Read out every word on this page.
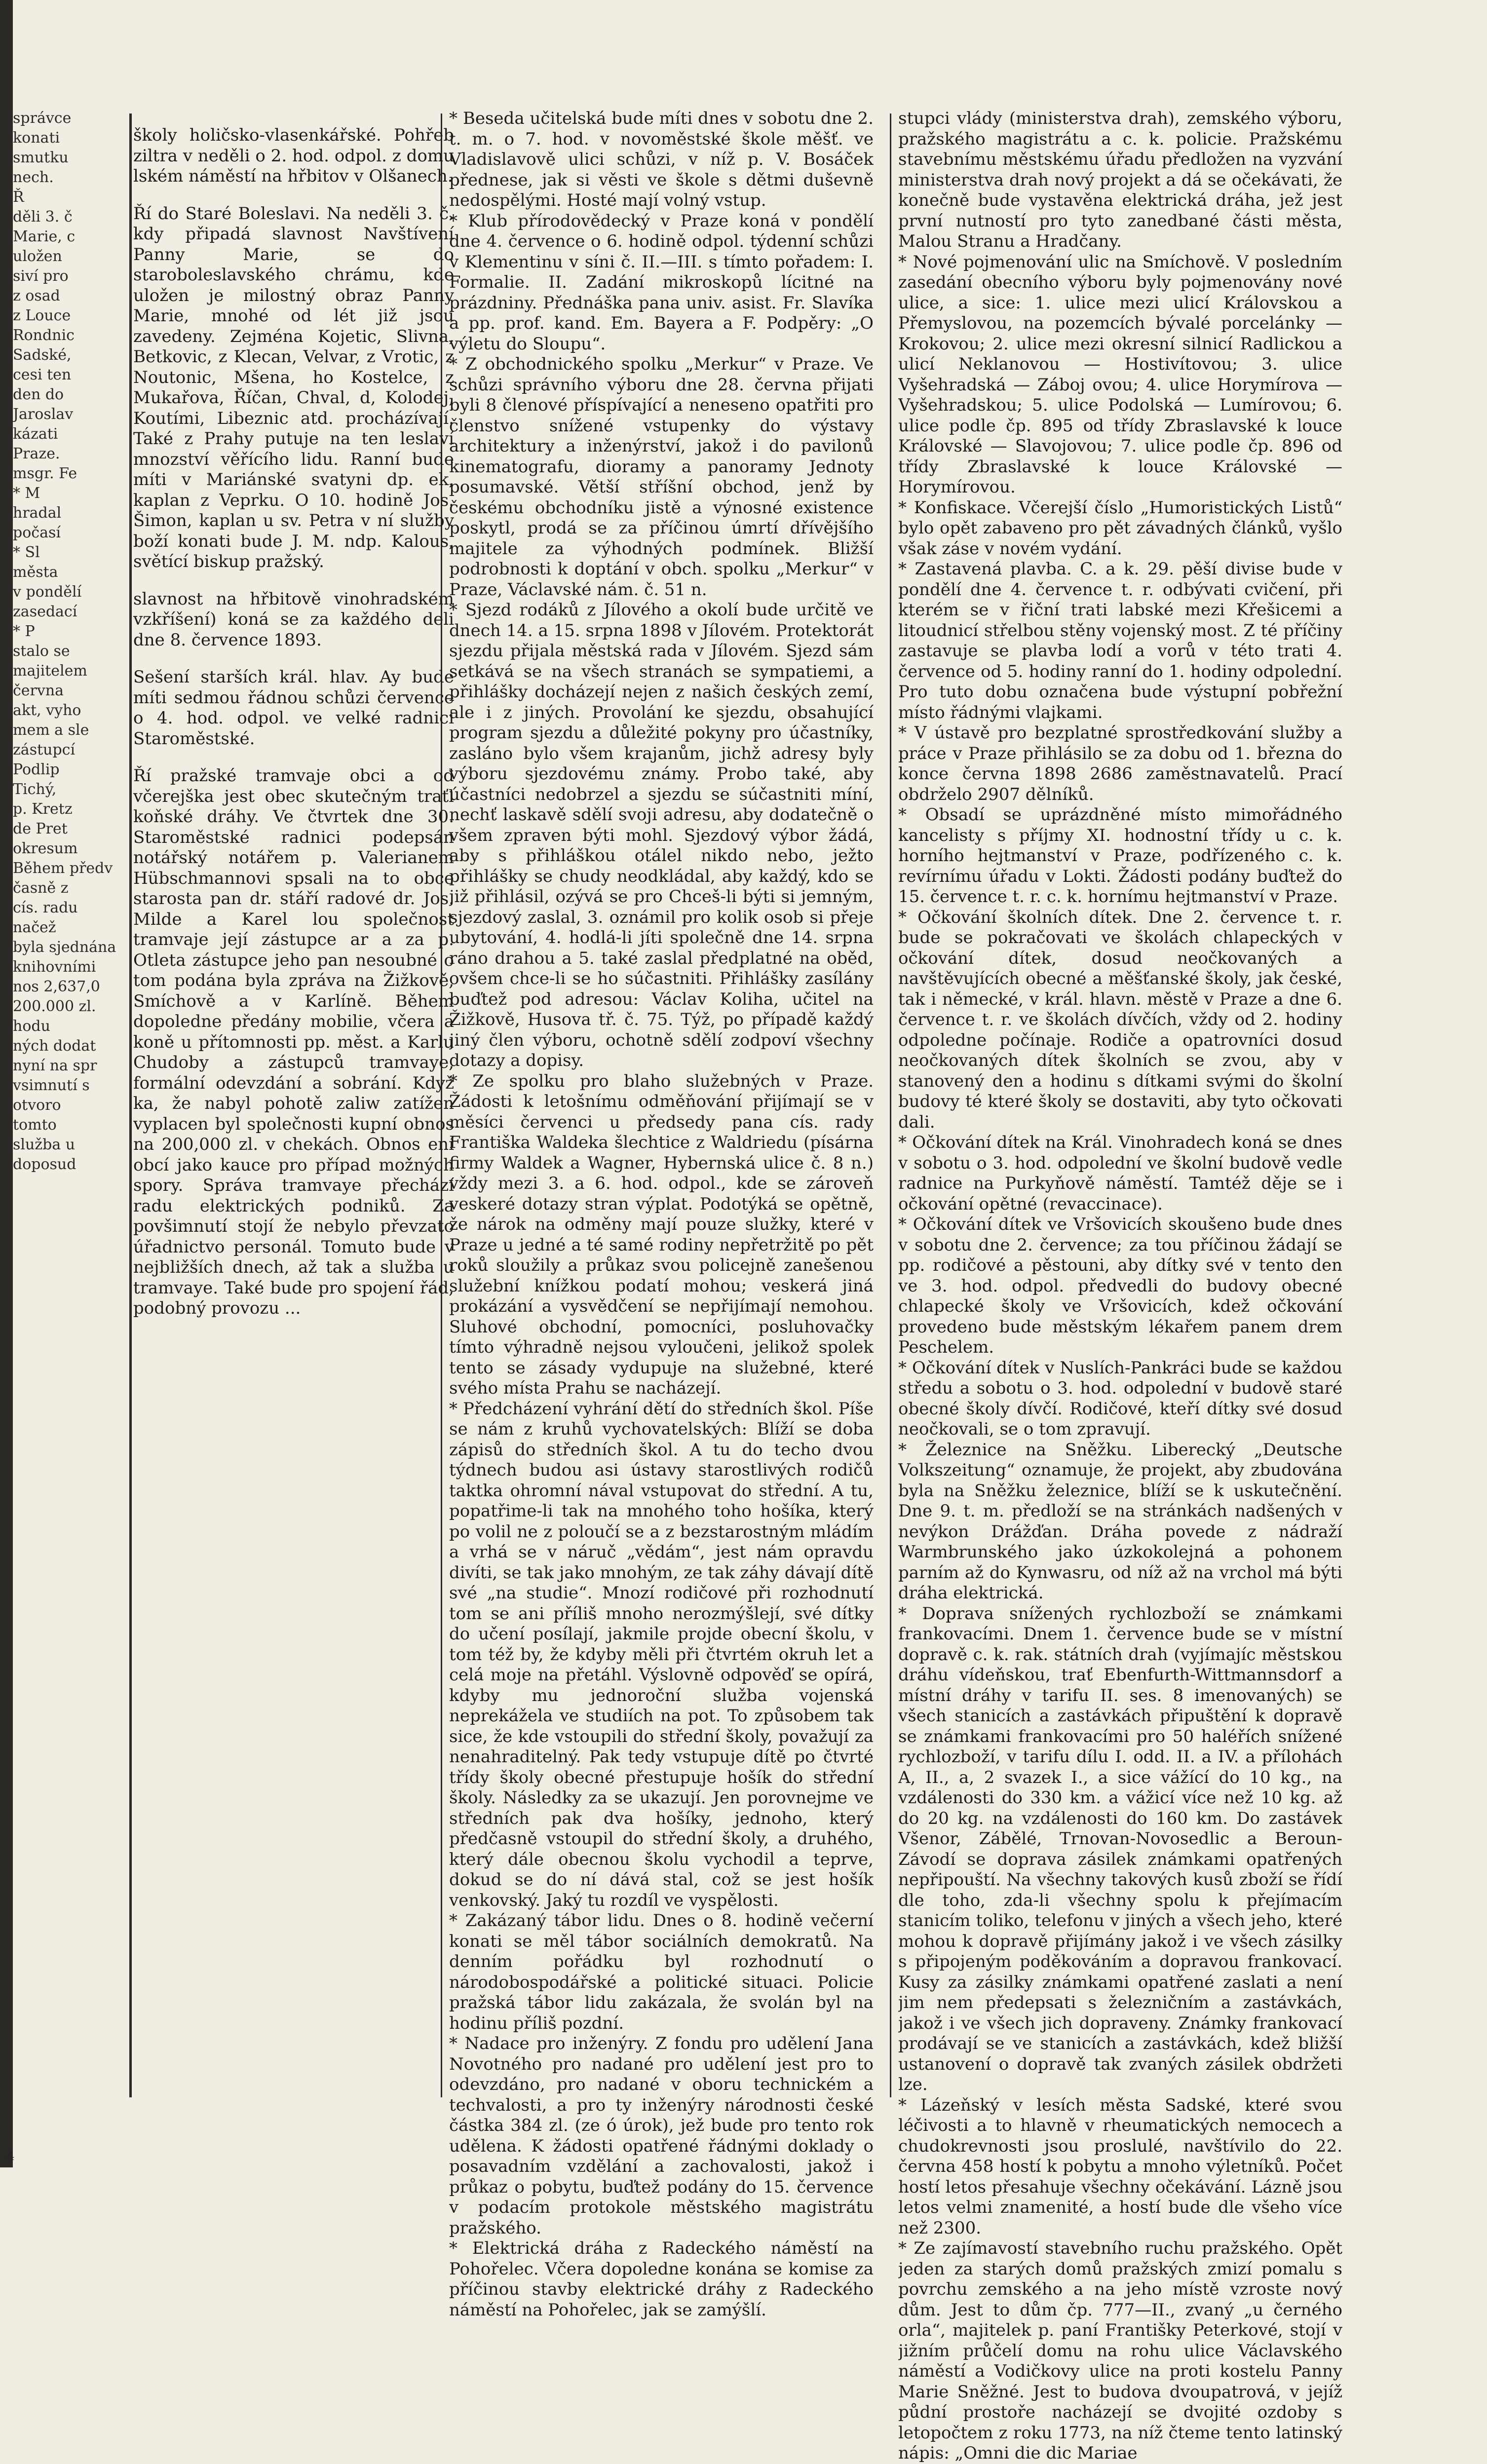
správce
konati
smutku
nech.
Ř
děli 3. č
Marie, c
uložen
siví pro
z osad
z Louce
Rondnic
Sadské,
cesi ten
den do
Jaroslav
kázati
Praze.
msgr. Fe
* M
hradal
počasí
* Sl
města
v pondělí
zasedací
* P
stalo se
majitelem
června
akt, vyho
mem a sle
zástupcí
Podlip
Tichý,
p. Kretz
de Pret
okresum
Během předv
časně z
cís. radu
načež
byla sjednána
knihovními
nos 2,637,0
200.000 zl.
hodu
ných dodat
nyní na spr
vsimnutí s
otvoro
tomto
služba u
doposud

školy holičsko-vlasenkářské. Pohřeb ziltra v neděli o 2. hod. odpol. z domu lském náměstí na hřbitov v Olšanech.

Ří do Staré Boleslavi. Na neděli 3. č. kdy připadá slavnost Navštívení Panny Marie, se do staroboleslavského chrámu, kde uložen je milostný obraz Panny Marie, mnohé od lét již jsou zavedeny. Zejména Kojetic, Slivna, Betkovic, z Klecan, Velvar, z Vrotic, z Noutonic, Mšena, ho Kostelce, z Mukařova, Říčan, Chval, d, Kolodej, Koutími, Libeznic atd. procházívají. Také z Prahy putuje na ten leslaví mnozství věřícího lidu. Ranní bude míti v Mariánské svatyni dp. ek, kaplan z Veprku. O 10. hodině Jos. Šimon, kaplan u sv. Petra v ní služby boží konati bude J. M. ndp. Kalous, světící biskup pražský.

slavnost na hřbitově vinohradském vzkříšení) koná se za každého deli dne 8. července 1893.

Sešení starších král. hlav. Ay bude míti sedmou řádnou schůzi července o 4. hod. odpol. ve velké radnici Staroměstské.

Ří pražské tramvaje obci a od včerejška jest obec skutečným traťl koňské dráhy. Ve čtvrtek dne 30. Staroměstské radnici podepsán notářský notářem p. Valerianem Hübschmannovi spsali na to obce starosta pan dr. stáří radové dr. Jos. Milde a Karel lou společnost tramvaje její zástupce ar a za p. Otleta zástupce jeho pan nesoubné o tom podána byla zpráva na Žižkově, Smíchově a v Karlíně. Během dopoledne předány mobilie, včera a koně u přítomnosti pp. měst. a Karlu Chudoby a zástupců tramvaye, formální odevzdání a sobrání. Když ka, že nabyl pohotě zaliw zatížen vyplacen byl společnosti kupní obnos na 200,000 zl. v chekách. Obnos ení obcí jako kauce pro případ možných spory. Správa tramvaye přechází radu elektrických podniků. Za povšimnutí stojí že nebylo převzato úřadnictvo personál. Tomuto bude v nejbližších dnech, až tak a služba u tramvaye. Také bude pro spojení řád, podobný provozu ...

* Beseda učitelská bude míti dnes v sobotu dne 2. t. m. o 7. hod. v novoměstské škole měšť. ve Vladislavově ulici schůzi, v níž p. V. Bosáček přednese, jak si věsti ve škole s dětmi duševně nedospělými. Hosté mají volný vstup.

* Klub přírodovědecký v Praze koná v pondělí dne 4. července o 6. hodině odpol. týdenní schůzi v Klementinu v síni č. II.—III. s tímto pořadem: I. Formalie. II. Zadání mikroskopů lícitné na prázdniny. Přednáška pana univ. asist. Fr. Slavíka a pp. prof. kand. Em. Bayera a F. Podpěry: „O výletu do Sloupu“.

* Z obchodnického spolku „Merkur“ v Praze. Ve schůzi správního výboru dne 28. června přijati byli 8 členové příspívající a neneseno opatřiti pro členstvo snížené vstupenky do výstavy architektury a inženýrství, jakož i do pavilonů kinematografu, dioramy a panoramy Jednoty posumavské. Větší stříšní obchod, jenž by českému obchodníku jistě a výnosné existence poskytl, prodá se za příčinou úmrtí dřívějšího majitele za výhodných podmínek. Bližší podrobnosti k doptání v obch. spolku „Merkur“ v Praze, Václavské nám. č. 51 n.

* Sjezd rodáků z Jílového a okolí bude určitě ve dnech 14. a 15. srpna 1898 v Jílovém. Protektorát sjezdu přijala městská rada v Jílovém. Sjezd sám setkává se na všech stranách se sympatiemi, a přihlášky docházejí nejen z našich českých zemí, ale i z jiných. Provolání ke sjezdu, obsahující program sjezdu a důležité pokyny pro účastníky, zasláno bylo všem krajanům, jichž adresy byly výboru sjezdovému známy. Probo také, aby účastníci nedobrzel a sjezdu se súčastniti míní, nechť laskavě sdělí svoji adresu, aby dodatečně o všem zpraven býti mohl. Sjezdový výbor žádá, aby s přihláškou otálel nikdo nebo, ježto přihlášky se chudy neodkládal, aby každý, kdo se již přihlásil, ozývá se pro Chceš-li býti si jemným, sjezdový zaslal, 3. oznámil pro kolik osob si přeje ubytování, 4. hodlá-li jíti společně dne 14. srpna ráno drahou a 5. také zaslal předplatné na oběd, ovšem chce-li se ho súčastniti. Přihlášky zasílány buďtež pod adresou: Václav Koliha, učitel na Žižkově, Husova tř. č. 75. Týž, po případě každý jiný člen výboru, ochotně sdělí zodpoví všechny dotazy a dopisy.

* Ze spolku pro blaho služebných v Praze. Žádosti k letošnímu odměňování přijímají se v měsíci červenci u předsedy pana cís. rady Františka Waldeka šlechtice z Waldriedu (písárna firmy Waldek a Wagner, Hybernská ulice č. 8 n.) vždy mezi 3. a 6. hod. odpol., kde se zároveň veskeré dotazy stran výplat. Podotýká se opětně, že nárok na odměny mají pouze služky, které v Praze u jedné a té samé rodiny nepřetržitě po pět roků sloužily a průkaz svou policejně zanešenou služební knížkou podatí mohou; veskerá jiná prokázání a vysvědčení se nepřijímají nemohou. Sluhové obchodní, pomocníci, posluhovačky tímto výhradně nejsou vyloučeni, jelikož spolek tento se zásady vydupuje na služebné, které svého místa Prahu se nacházejí.

* Předcházení vyhrání dětí do středních škol. Píše se nám z kruhů vychovatelských: Blíží se doba zápisů do středních škol. A tu do techo dvou týdnech budou asi ústavy starostlivých rodičů taktka ohromní nával vstupovat do střední. A tu, popatřime-li tak na mnohého toho hošíka, který po volil ne z poloučí se a z bezstarostným mládím a vrhá se v náruč „vědám“, jest nám opravdu divíti, se tak jako mnohým, ze tak záhy dávají dítě své „na studie“. Mnozí rodičové při rozhodnutí tom se ani příliš mnoho nerozmýšlejí, své dítky do učení posílají, jakmile projde obecní školu, v tom též by, že kdyby měli při čtvrtém okruh let a celá moje na přetáhl. Výslovně odpověď se opírá, kdyby mu jednoroční služba vojenská neprekážela ve studiích na pot. To způsobem tak sice, že kde vstoupili do střední školy, považují za nenahraditelný. Pak tedy vstupuje dítě po čtvrté třídy školy obecné přestupuje hošík do střední školy. Následky za se ukazují. Jen porovnejme ve středních pak dva hošíky, jednoho, který předčasně vstoupil do střední školy, a druhého, který dále obecnou školu vychodil a teprve, dokud se do ní dává stal, což se jest hošík venkovský. Jaký tu rozdíl ve vyspělosti.

* Zakázaný tábor lidu. Dnes o 8. hodině večerní konati se měl tábor sociálních demokratů. Na denním pořádku byl rozhodnutí o národobospodářské a politické situaci. Policie pražská tábor lidu zakázala, že svolán byl na hodinu příliš pozdní.

* Nadace pro inženýry. Z fondu pro udělení Jana Novotného pro nadané pro udělení jest pro to odevzdáno, pro nadané v oboru technickém a techvalosti, a pro ty inženýry národnosti české částka 384 zl. (ze ó úrok), jež bude pro tento rok udělena. K žádosti opatřené řádnými doklady o posavadním vzdělání a zachovalosti, jakož i průkaz o pobytu, buďtež podány do 15. července v podacím protokole městského magistrátu pražského.

* Elektrická dráha z Radeckého náměstí na Pohořelec. Včera dopoledne konána se komise za příčinou stavby elektrické dráhy z Radeckého náměstí na Pohořelec, jak se zamýšlí.

stupci vlády (ministerstva drah), zemského výboru, pražského magistrátu a c. k. policie. Pražskému stavebnímu městskému úřadu předložen na vyzvání ministerstva drah nový projekt a dá se očekávati, že konečně bude vystavěna elektrická dráha, jež jest první nutností pro tyto zanedbané části města, Malou Stranu a Hradčany.

* Nové pojmenování ulic na Smíchově. V posledním zasedání obecního výboru byly pojmenovány nové ulice, a sice: 1. ulice mezi ulicí Královskou a Přemyslovou, na pozemcích bývalé porcelánky — Krokovou; 2. ulice mezi okresní silnicí Radlickou a ulicí Neklanovou — Hostivítovou; 3. ulice Vyšehradská — Záboj ovou; 4. ulice Horymírova — Vyšehradskou; 5. ulice Podolská — Lumírovou; 6. ulice podle čp. 895 od třídy Zbraslavské k louce Královské — Slavojovou; 7. ulice podle čp. 896 od třídy Zbraslavské k louce Královské — Horymírovou.

* Konfiskace. Včerejší číslo „Humoristických Listů“ bylo opět zabaveno pro pět závadných článků, vyšlo však záse v novém vydání.

* Zastavená plavba. C. a k. 29. pěší divise bude v pondělí dne 4. července t. r. odbývati cvičení, při kterém se v řiční trati labské mezi Křešicemi a litoudnicí střelbou stěny vojenský most. Z té příčiny zastavuje se plavba lodí a vorů v této trati 4. července od 5. hodiny ranní do 1. hodiny odpolední. Pro tuto dobu označena bude výstupní pobřežní místo řádnými vlajkami.

* V ústavě pro bezplatné sprostředkování služby a práce v Praze přihlásilo se za dobu od 1. března do konce června 1898 2686 zaměstnavatelů. Prací obdrželo 2907 dělníků.

* Obsadí se uprázdněné místo mimořádného kancelisty s příjmy XI. hodnostní třídy u c. k. horního hejtmanství v Praze, podřízeného c. k. revírnímu úřadu v Lokti. Žádosti podány buďtež do 15. července t. r. c. k. hornímu hejtmanství v Praze.

* Očkování školních dítek. Dne 2. července t. r. bude se pokračovati ve školách chlapeckých v očkování dítek, dosud neočkovaných a navštěvujících obecné a měšťanské školy, jak české, tak i německé, v král. hlavn. městě v Praze a dne 6. července t. r. ve školách dívčích, vždy od 2. hodiny odpoledne počínaje. Rodiče a opatrovníci dosud neočkovaných dítek školních se zvou, aby v stanovený den a hodinu s dítkami svými do školní budovy té které školy se dostaviti, aby tyto očkovati dali.

* Očkování dítek na Král. Vinohradech koná se dnes v sobotu o 3. hod. odpolední ve školní budově vedle radnice na Purkyňově náměstí. Tamtéž děje se i očkování opětné (revaccinace).

* Očkování dítek ve Vršovicích skoušeno bude dnes v sobotu dne 2. července; za tou příčinou žádají se pp. rodičové a pěstouni, aby dítky své v tento den ve 3. hod. odpol. předvedli do budovy obecné chlapecké školy ve Vršovicích, kdež očkování provedeno bude městským lékařem panem drem Peschelem.

* Očkování dítek v Nuslích-Pankráci bude se každou středu a sobotu o 3. hod. odpolední v budově staré obecné školy dívčí. Rodičové, kteří dítky své dosud neočkovali, se o tom zpravují.

* Železnice na Sněžku. Liberecký „Deutsche Volkszeitung“ oznamuje, že projekt, aby zbudována byla na Sněžku železnice, blíží se k uskutečnění. Dne 9. t. m. předloží se na stránkách nadšených v nevýkon Drážďan. Dráha povede z nádraží Warmbrunského jako úzkokolejná a pohonem parním až do Kynwasru, od níž až na vrchol má býti dráha elektrická.

* Doprava snížených rychlozboží se známkami frankovacími. Dnem 1. července bude se v místní dopravě c. k. rak. státních drah (vyjímajíc městskou dráhu vídeňskou, trať Ebenfurth-Wittmannsdorf a místní dráhy v tarifu II. ses. 8 imenovaných) se všech stanicích a zastávkách připuštění k dopravě se známkami frankovacími pro 50 haléřích snížené rychlozboží, v tarifu dílu I. odd. II. a IV. a přílohách A, II., a, 2 svazek I., a sice vážící do 10 kg., na vzdálenosti do 330 km. a vážicí více než 10 kg. až do 20 kg. na vzdálenosti do 160 km. Do zastávek Všenor, Zábělé, Trnovan-Novosedlic a Beroun-Závodí se doprava zásilek známkami opatřených nepřipouští. Na všechny takových kusů zboží se řídí dle toho, zda-li všechny spolu k přejímacím stanicím toliko, telefonu v jiných a všech jeho, které mohou k dopravě přijímány jakož i ve všech zásilky s připojeným poděkováním a dopravou frankovací. Kusy za zásilky známkami opatřené zaslati a není jim nem předepsati s železničním a zastávkách, jakož i ve všech jich dopraveny. Známky frankovací prodávají se ve stanicích a zastávkách, kdež bližší ustanovení o dopravě tak zvaných zásilek obdržeti lze.

* Lázeňský v lesích města Sadské, které svou léčivosti a to hlavně v rheumatických nemocech a chudokrevnosti jsou proslulé, navštívilo do 22. června 458 hostí k pobytu a mnoho výletníků. Počet hostí letos přesahuje všechny očekávání. Lázně jsou letos velmi znamenité, a hostí bude dle všeho více než 2300.

* Ze zajímavostí stavebního ruchu pražského. Opět jeden za starých domů pražských zmizí pomalu s povrchu zemského a na jeho místě vzroste nový dům. Jest to dům čp. 777—II., zvaný „u černého orla“, majitelek p. paní Františky Peterkové, stojí v jižním průčelí domu na rohu ulice Václavského náměstí a Vodičkovy ulice na proti kostelu Panny Marie Sněžné. Jest to budova dvoupatrová, v jejíž půdní prostoře nacházejí se dvojité ozdoby s letopočtem z roku 1773, na níž čteme tento latinský nápis: „Omni die dic Mariae

4
